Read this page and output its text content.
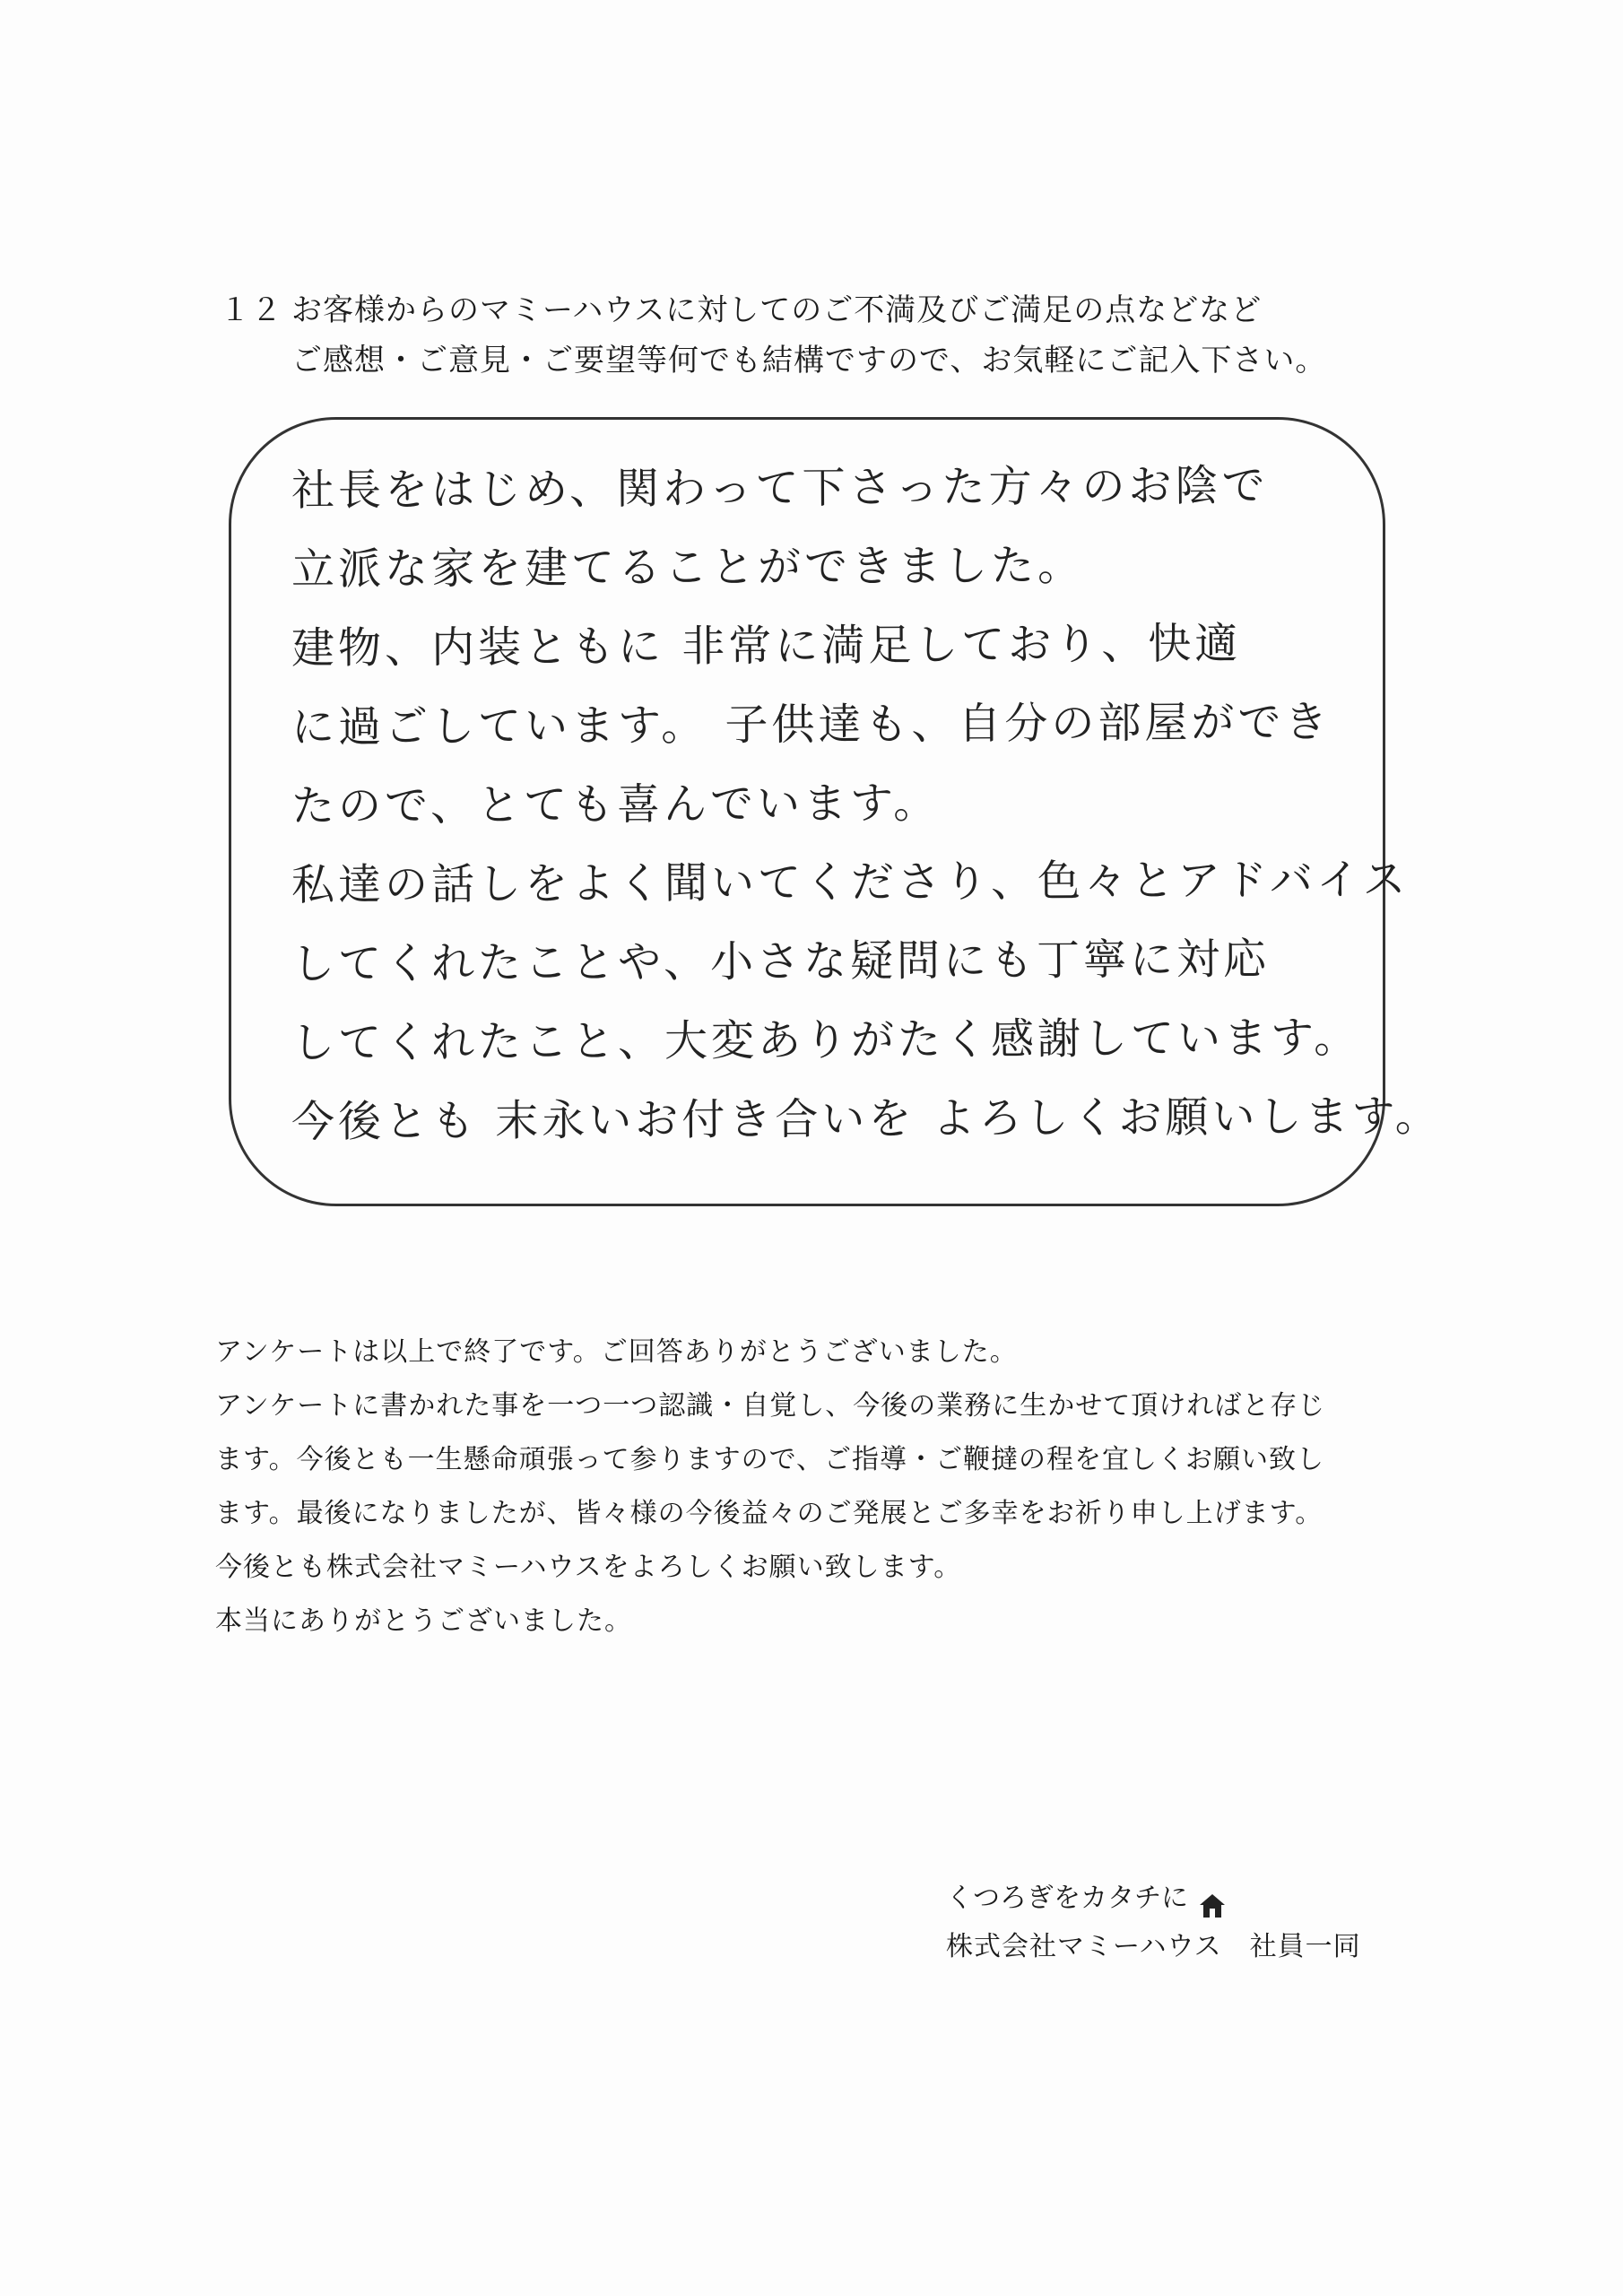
１２ お客様からのマミーハウスに対してのご不満及びご満足の点などなど
ご感想・ご意見・ご要望等何でも結構ですので、お気軽にご記入下さい。
社長をはじめ、関わって下さった方々のお陰で
立派な家を建てることができました。
建物、内装ともに 非常に満足しており、快適
に過ごしています。 子供達も、自分の部屋ができ
たので、とても喜んでいます。
私達の話しをよく聞いてくださり、色々とアドバイス
してくれたことや、小さな疑問にも丁寧に対応
してくれたこと、大変ありがたく感謝しています。
今後とも 末永いお付き合いを よろしくお願いします。
アンケートは以上で終了です。ご回答ありがとうございました。
アンケートに書かれた事を一つ一つ認識・自覚し、今後の業務に生かせて頂ければと存じ
ます。今後とも一生懸命頑張って参りますので、ご指導・ご鞭撻の程を宜しくお願い致し
ます。最後になりましたが、皆々様の今後益々のご発展とご多幸をお祈り申し上げます。
今後とも株式会社マミーハウスをよろしくお願い致します。
本当にありがとうございました。
くつろぎをカタチに
株式会社マミーハウス　社員一同
